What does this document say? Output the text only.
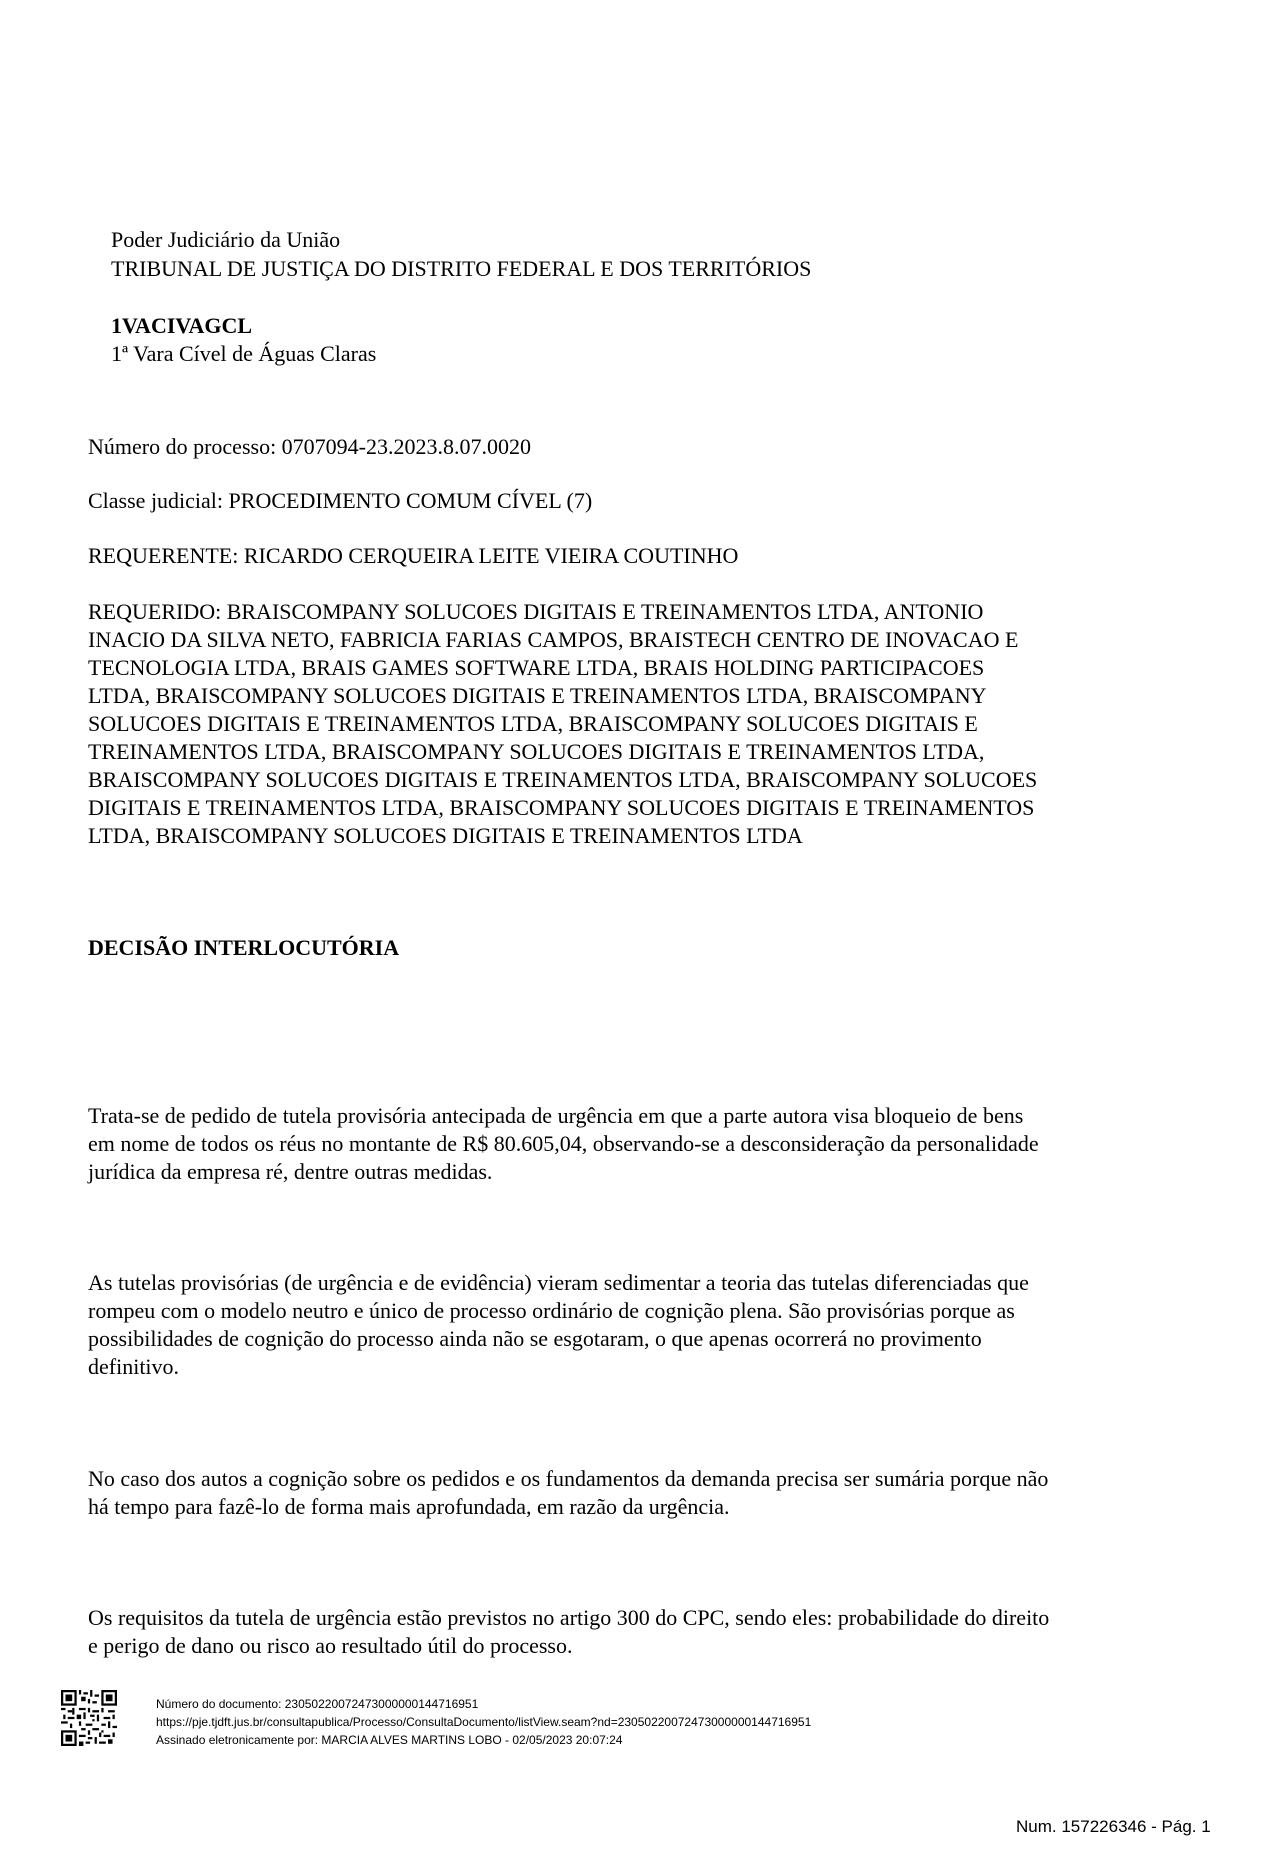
Poder Judiciário da União
TRIBUNAL DE JUSTIÇA DO DISTRITO FEDERAL E DOS TERRITÓRIOS
1VACIVAGCL
1ª Vara Cível de Águas Claras
Número do processo: 0707094-23.2023.8.07.0020
Classe judicial: PROCEDIMENTO COMUM CÍVEL (7)
REQUERENTE: RICARDO CERQUEIRA LEITE VIEIRA COUTINHO
REQUERIDO: BRAISCOMPANY SOLUCOES DIGITAIS E TREINAMENTOS LTDA, ANTONIO
INACIO DA SILVA NETO, FABRICIA FARIAS CAMPOS, BRAISTECH CENTRO DE INOVACAO E
TECNOLOGIA LTDA, BRAIS GAMES SOFTWARE LTDA, BRAIS HOLDING PARTICIPACOES
LTDA, BRAISCOMPANY SOLUCOES DIGITAIS E TREINAMENTOS LTDA, BRAISCOMPANY
SOLUCOES DIGITAIS E TREINAMENTOS LTDA, BRAISCOMPANY SOLUCOES DIGITAIS E
TREINAMENTOS LTDA, BRAISCOMPANY SOLUCOES DIGITAIS E TREINAMENTOS LTDA,
BRAISCOMPANY SOLUCOES DIGITAIS E TREINAMENTOS LTDA, BRAISCOMPANY SOLUCOES
DIGITAIS E TREINAMENTOS LTDA, BRAISCOMPANY SOLUCOES DIGITAIS E TREINAMENTOS
LTDA, BRAISCOMPANY SOLUCOES DIGITAIS E TREINAMENTOS LTDA
DECISÃO INTERLOCUTÓRIA
Trata-se de pedido de tutela provisória antecipada de urgência em que a parte autora visa bloqueio de bens
em nome de todos os réus no montante de R$ 80.605,04, observando-se a desconsideração da personalidade
jurídica da empresa ré, dentre outras medidas.
As tutelas provisórias (de urgência e de evidência) vieram sedimentar a teoria das tutelas diferenciadas que
rompeu com o modelo neutro e único de processo ordinário de cognição plena. São provisórias porque as
possibilidades de cognição do processo ainda não se esgotaram, o que apenas ocorrerá no provimento
definitivo.
No caso dos autos a cognição sobre os pedidos e os fundamentos da demanda precisa ser sumária porque não
há tempo para fazê-lo de forma mais aprofundada, em razão da urgência.
Os requisitos da tutela de urgência estão previstos no artigo 300 do CPC, sendo eles: probabilidade do direito
e perigo de dano ou risco ao resultado útil do processo.
Número do documento: 23050220072473000000144716951
https://pje.tjdft.jus.br/consultapublica/Processo/ConsultaDocumento/listView.seam?nd=23050220072473000000144716951
Assinado eletronicamente por: MARCIA ALVES MARTINS LOBO - 02/05/2023 20:07:24
Num. 157226346 - Pág. 1
